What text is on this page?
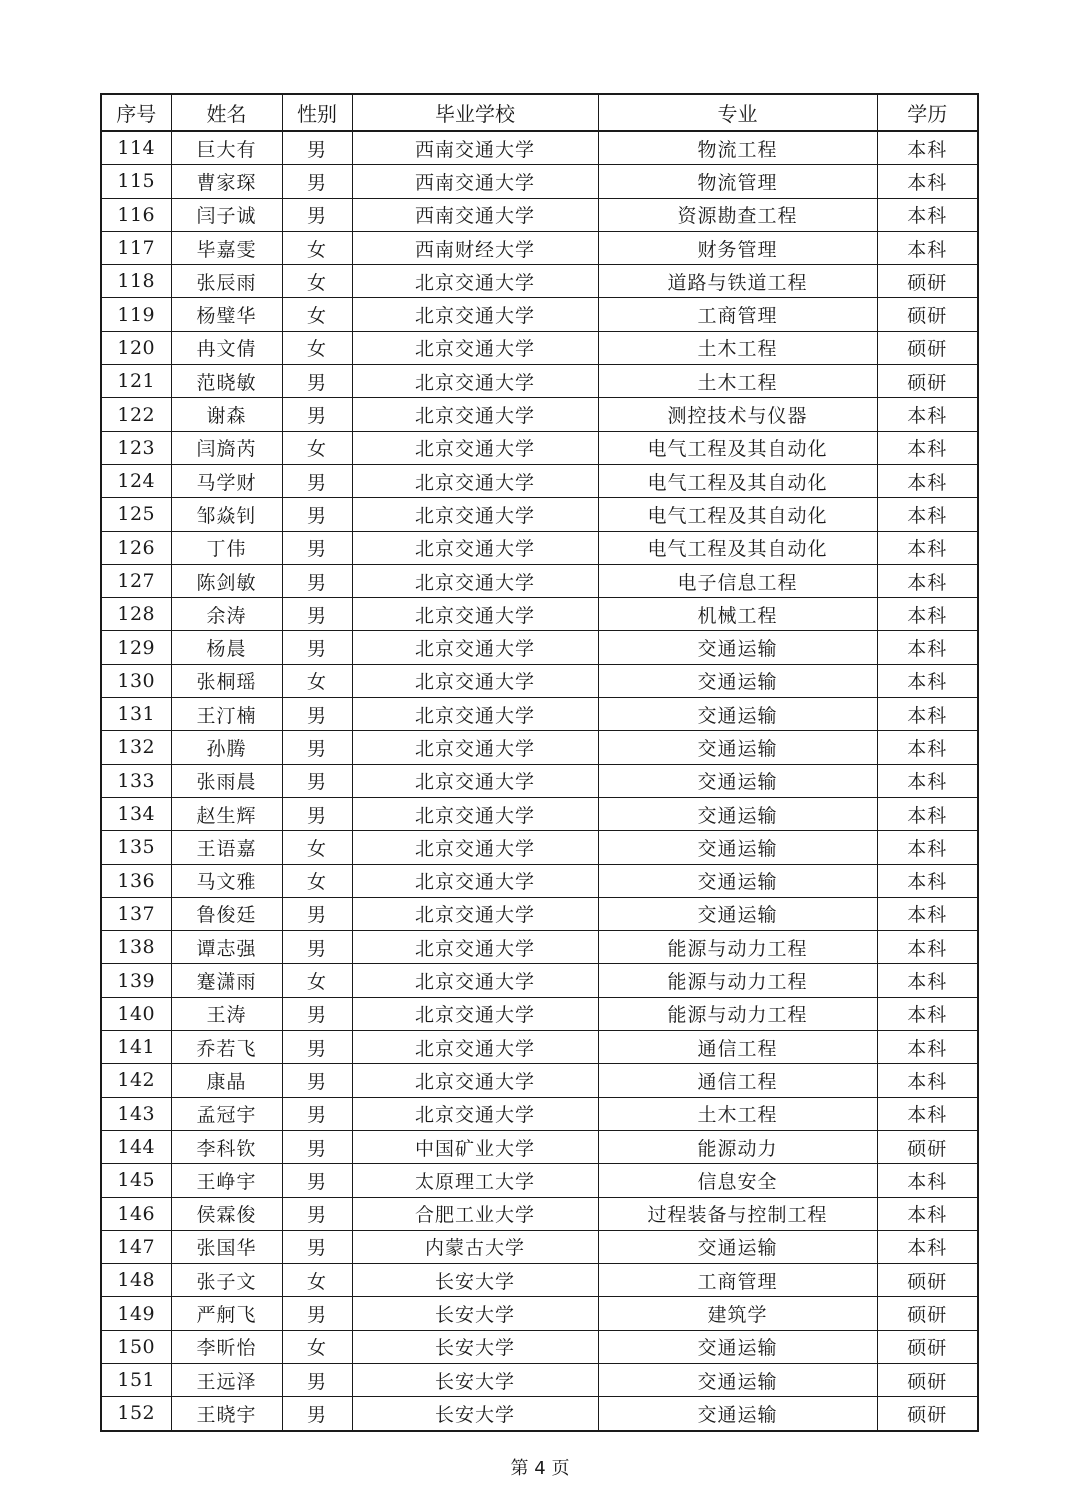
序号	姓名	性别	毕业学校	专业	学历
114	巨大有	男	西南交通大学	物流工程	本科
115	曹家琛	男	西南交通大学	物流管理	本科
116	闫子诚	男	西南交通大学	资源勘查工程	本科
117	毕嘉雯	女	西南财经大学	财务管理	本科
118	张辰雨	女	北京交通大学	道路与铁道工程	硕研
119	杨璧华	女	北京交通大学	工商管理	硕研
120	冉文倩	女	北京交通大学	土木工程	硕研
121	范晓敏	男	北京交通大学	土木工程	硕研
122	谢森	男	北京交通大学	测控技术与仪器	本科
123	闫旖芮	女	北京交通大学	电气工程及其自动化	本科
124	马学财	男	北京交通大学	电气工程及其自动化	本科
125	邹焱钊	男	北京交通大学	电气工程及其自动化	本科
126	丁伟	男	北京交通大学	电气工程及其自动化	本科
127	陈剑敏	男	北京交通大学	电子信息工程	本科
128	余涛	男	北京交通大学	机械工程	本科
129	杨晨	男	北京交通大学	交通运输	本科
130	张桐瑶	女	北京交通大学	交通运输	本科
131	王汀楠	男	北京交通大学	交通运输	本科
132	孙腾	男	北京交通大学	交通运输	本科
133	张雨晨	男	北京交通大学	交通运输	本科
134	赵生辉	男	北京交通大学	交通运输	本科
135	王语嘉	女	北京交通大学	交通运输	本科
136	马文雅	女	北京交通大学	交通运输	本科
137	鲁俊廷	男	北京交通大学	交通运输	本科
138	谭志强	男	北京交通大学	能源与动力工程	本科
139	蹇潇雨	女	北京交通大学	能源与动力工程	本科
140	王涛	男	北京交通大学	能源与动力工程	本科
141	乔若飞	男	北京交通大学	通信工程	本科
142	康晶	男	北京交通大学	通信工程	本科
143	孟冠宇	男	北京交通大学	土木工程	本科
144	李科钦	男	中国矿业大学	能源动力	硕研
145	王峥宇	男	太原理工大学	信息安全	本科
146	侯霖俊	男	合肥工业大学	过程装备与控制工程	本科
147	张国华	男	内蒙古大学	交通运输	本科
148	张子文	女	长安大学	工商管理	硕研
149	严舸飞	男	长安大学	建筑学	硕研
150	李昕怡	女	长安大学	交通运输	硕研
151	王远泽	男	长安大学	交通运输	硕研
152	王晓宇	男	长安大学	交通运输	硕研
第 4 页
